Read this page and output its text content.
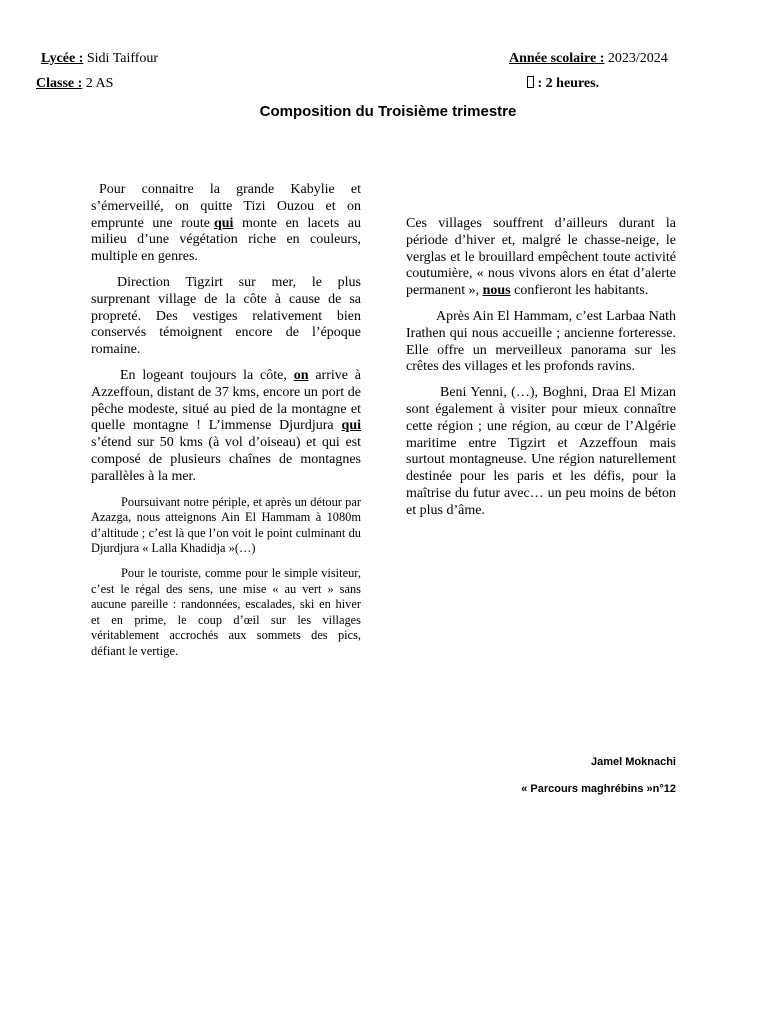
Lycée : Sidi Taiffour	Année scolaire : 2023/2024
Classe : 2 AS	: 2 heures.
Composition du Troisième trimestre

Pour connaitre la grande Kabylie et s’émerveillé, on quitte Tizi Ouzou et on emprunte une route qui monte en lacets au milieu d’une végétation riche en couleurs, multiple en genres.

Direction Tigzirt sur mer, le plus surprenant village de la côte à cause de sa propreté. Des vestiges relativement bien conservés témoignent encore de l’époque romaine.

En logeant toujours la côte, on arrive à Azzeffoun, distant de 37 kms, encore un port de pêche modeste, situé au pied de la montagne et quelle montagne ! L’immense Djurdjura qui s’étend sur 50 kms (à vol d’oiseau) et qui est composé de plusieurs chaînes de montagnes parallèles à la mer.

Poursuivant notre périple, et après un détour par Azazga, nous atteignons Ain El Hammam à 1080m d’altitude ; c’est là que l’on voit le point culminant du Djurdjura « Lalla Khadidja »(…)

Pour le touriste, comme pour le simple visiteur, c’est le régal des sens, une mise « au vert » sans aucune pareille : randonnées, escalades, ski en hiver et en prime, le coup d’œil sur les villages véritablement accrochés aux sommets des pics, défiant le vertige.

Ces villages souffrent d’ailleurs durant la période d’hiver et, malgré le chasse-neige, le verglas et le brouillard empêchent toute activité coutumière, « nous vivons alors en état d’alerte permanent », nous confieront les habitants.

Après Ain El Hammam, c’est Larbaa Nath Irathen qui nous accueille ; ancienne forteresse. Elle offre un merveilleux panorama sur les crêtes des villages et les profonds ravins.

Beni Yenni, (…), Boghni, Draa El Mizan sont également à visiter pour mieux connaître cette région ; une région, au cœur de l’Algérie maritime entre Tigzirt et Azzeffoun mais surtout montagneuse. Une région naturellement destinée pour les paris et les défis, pour la maîtrise du futur avec… un peu moins de béton et plus d’âme.

Jamel Moknachi
« Parcours maghrébins »n°12
